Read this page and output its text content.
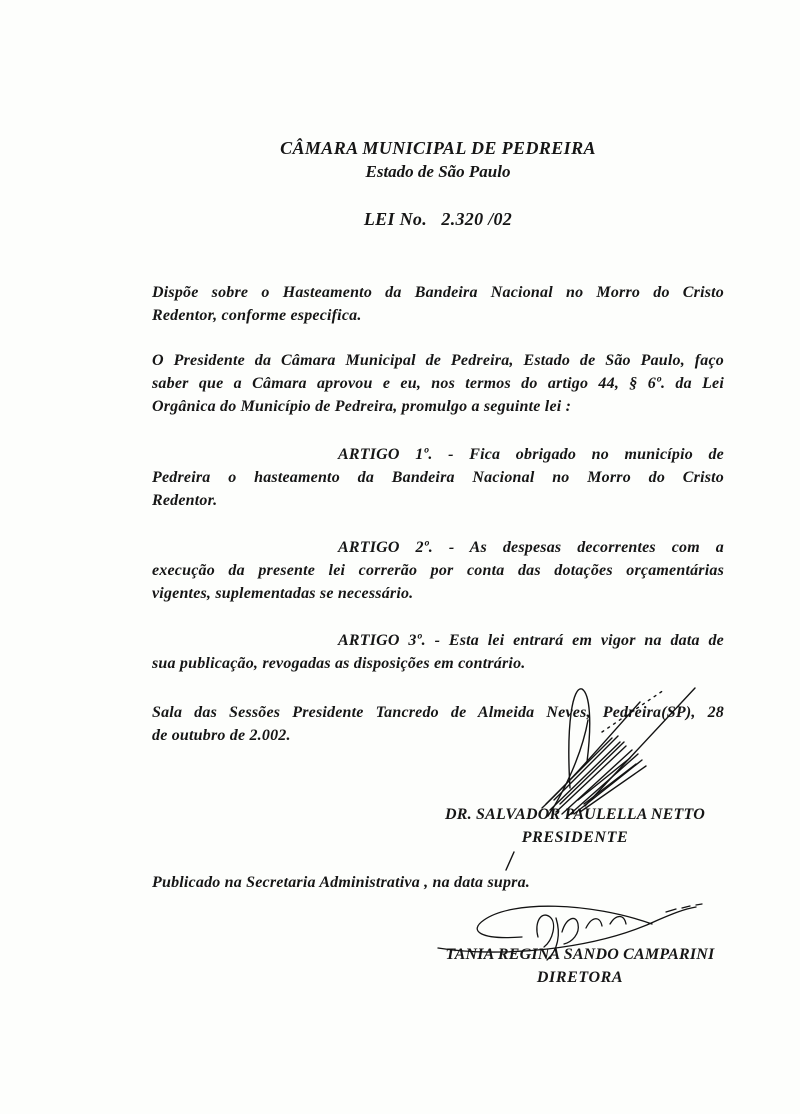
CÂMARA MUNICIPAL DE PEDREIRA
Estado de São Paulo
LEI No.   2.320 /02
Dispõe sobre o Hasteamento da Bandeira Nacional no Morro do Cristo
Redentor, conforme especifica.
O Presidente da Câmara Municipal de Pedreira, Estado de São Paulo, faço
saber que a Câmara aprovou e eu, nos termos do artigo 44, § 6º. da Lei
Orgânica do Município de Pedreira, promulgo a seguinte lei :
ARTIGO 1º. - Fica obrigado no município de
Pedreira o hasteamento da Bandeira Nacional no Morro do Cristo
Redentor.
ARTIGO 2º. - As despesas decorrentes com a
execução da presente lei correrão por conta das dotações orçamentárias
vigentes, suplementadas se necessário.
ARTIGO 3º. - Esta lei entrará em vigor na data de
sua publicação, revogadas as disposições em contrário.
Sala das Sessões Presidente Tancredo de Almeida Neves, Pedreira(SP), 28
de outubro de 2.002.
DR. SALVADOR PAULELLA NETTO
PRESIDENTE
Publicado na Secretaria Administrativa , na data supra.
TANIA REGINA SANDO CAMPARINI
DIRETORA
